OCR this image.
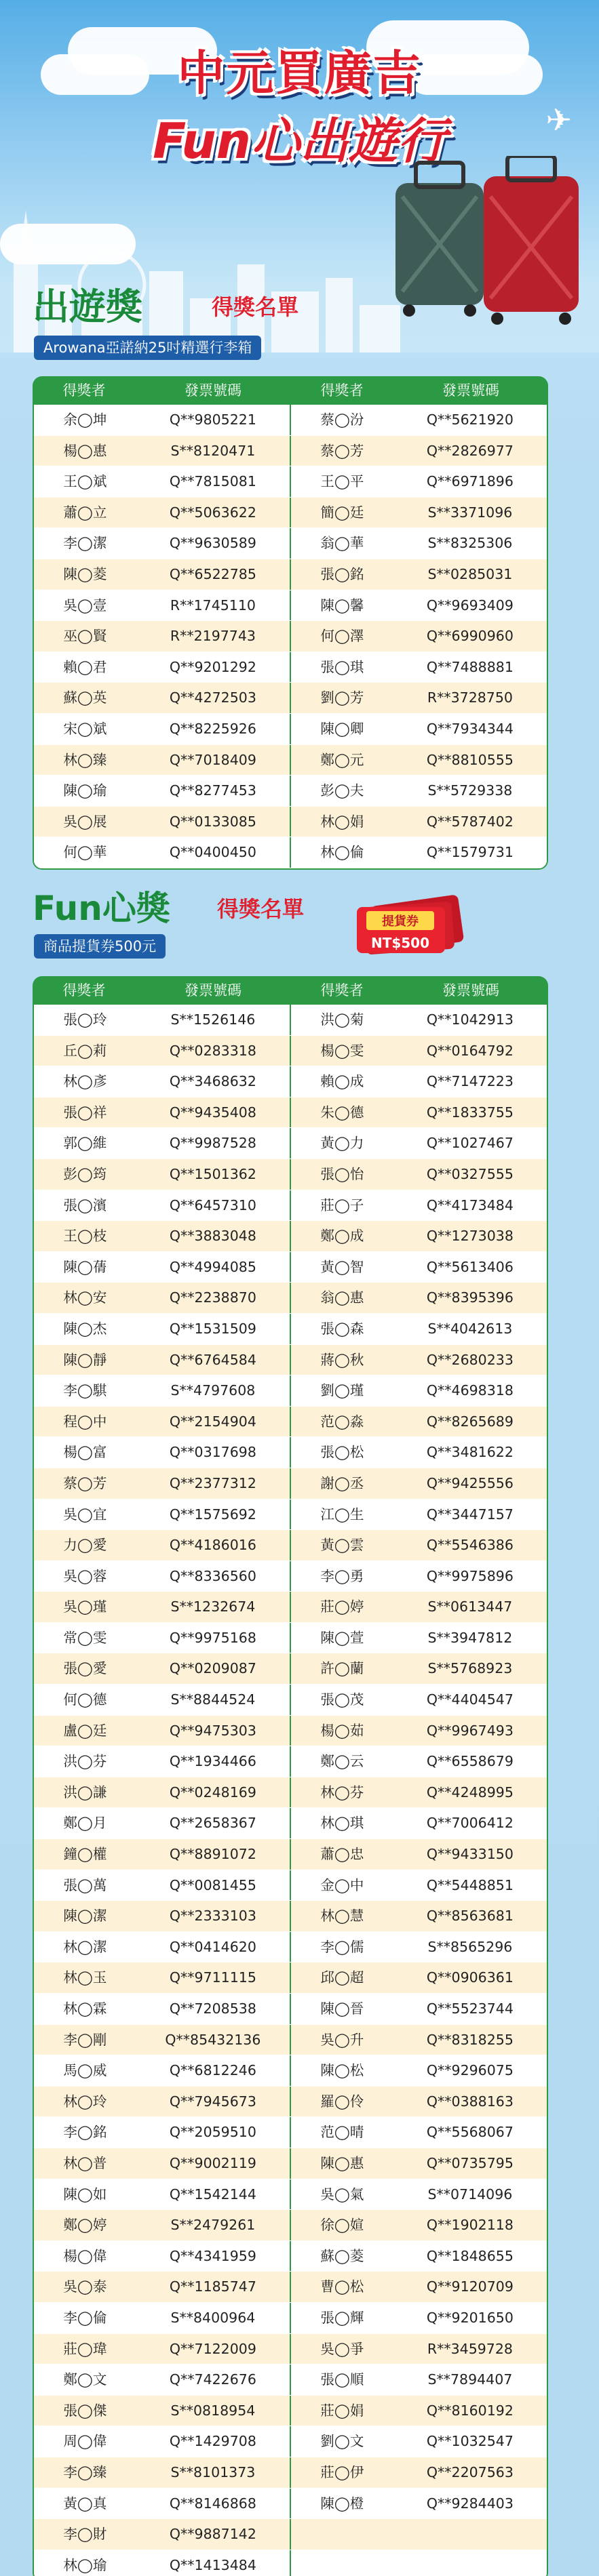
中元買廣吉
Fun心出遊行	✈
出遊獎	得獎名單
Arowana亞諾納25吋精選行李箱
得獎者	發票號碼	得獎者	發票號碼
余◯坤	Q**9805221	蔡◯汾	Q**5621920
楊◯惠	S**8120471	蔡◯芳	Q**2826977
王◯斌	Q**7815081	王◯平	Q**6971896
蕭◯立	Q**5063622	簡◯廷	S**3371096
李◯潔	Q**9630589	翁◯華	S**8325306
陳◯菱	Q**6522785	張◯銘	S**0285031
吳◯壹	R**1745110	陳◯馨	Q**9693409
巫◯賢	R**2197743	何◯澤	Q**6990960
賴◯君	Q**9201292	張◯琪	Q**7488881
蘇◯英	Q**4272503	劉◯芳	R**3728750
宋◯斌	Q**8225926	陳◯卿	Q**7934344
林◯臻	Q**7018409	鄭◯元	Q**8810555
陳◯瑜	Q**8277453	彭◯夫	S**5729338
吳◯展	Q**0133085	林◯娟	Q**5787402
何◯華	Q**0400450	林◯倫	Q**1579731
Fun心獎 得獎名單
商品提貨券500元
提貨券
NT$500
得獎者	發票號碼	得獎者	發票號碼
張◯玲	S**1526146	洪◯菊	Q**1042913
丘◯莉	Q**0283318	楊◯雯	Q**0164792
林◯彥	Q**3468632	賴◯成	Q**7147223
張◯祥	Q**9435408	朱◯德	Q**1833755
郭◯維	Q**9987528	黃◯力	Q**1027467
彭◯筠	Q**1501362	張◯怡	Q**0327555
張◯濱	Q**6457310	莊◯子	Q**4173484
王◯枝	Q**3883048	鄭◯成	Q**1273038
陳◯蒨	Q**4994085	黃◯智	Q**5613406
林◯安	Q**2238870	翁◯惠	Q**8395396
陳◯杰	Q**1531509	張◯森	S**4042613
陳◯靜	Q**6764584	蔣◯秋	Q**2680233
李◯騏	S**4797608	劉◯瑾	Q**4698318
程◯中	Q**2154904	范◯淼	Q**8265689
楊◯富	Q**0317698	張◯松	Q**3481622
蔡◯芳	Q**2377312	謝◯丞	Q**9425556
吳◯宜	Q**1575692	江◯生	Q**3447157
力◯愛	Q**4186016	黃◯雲	Q**5546386
吳◯蓉	Q**8336560	李◯勇	Q**9975896
吳◯瑾	S**1232674	莊◯婷	S**0613447
常◯雯	Q**9975168	陳◯萱	S**3947812
張◯愛	Q**0209087	許◯蘭	S**5768923
何◯德	S**8844524	張◯茂	Q**4404547
盧◯廷	Q**9475303	楊◯茹	Q**9967493
洪◯芬	Q**1934466	鄭◯云	Q**6558679
洪◯謙	Q**0248169	林◯芬	Q**4248995
鄭◯月	Q**2658367	林◯琪	Q**7006412
鐘◯權	Q**8891072	蕭◯忠	Q**9433150
張◯萬	Q**0081455	金◯中	Q**5448851
陳◯潔	Q**2333103	林◯慧	Q**8563681
林◯潔	Q**0414620	李◯儒	S**8565296
林◯玉	Q**9711115	邱◯超	Q**0906361
林◯霖	Q**7208538	陳◯晉	Q**5523744
李◯剛	Q**85432136	吳◯升	Q**8318255
馬◯威	Q**6812246	陳◯松	Q**9296075
林◯玲	Q**7945673	羅◯伶	Q**0388163
李◯銘	Q**2059510	范◯晴	Q**5568067
林◯普	Q**9002119	陳◯惠	Q**0735795
陳◯如	Q**1542144	吳◯氣	S**0714096
鄭◯婷	S**2479261	徐◯媗	Q**1902118
楊◯偉	Q**4341959	蘇◯菱	Q**1848655
吳◯泰	Q**1185747	曹◯松	Q**9120709
李◯倫	S**8400964	張◯輝	Q**9201650
莊◯瑋	Q**7122009	吳◯爭	R**3459728
鄭◯文	Q**7422676	張◯順	S**7894407
張◯傑	S**0818954	莊◯娟	Q**8160192
周◯偉	Q**1429708	劉◯文	Q**1032547
李◯臻	S**8101373	莊◯伊	Q**2207563
黃◯真	Q**8146868	陳◯橙	Q**9284403
李◯財	Q**9887142
林◯瑜	Q**1413484
